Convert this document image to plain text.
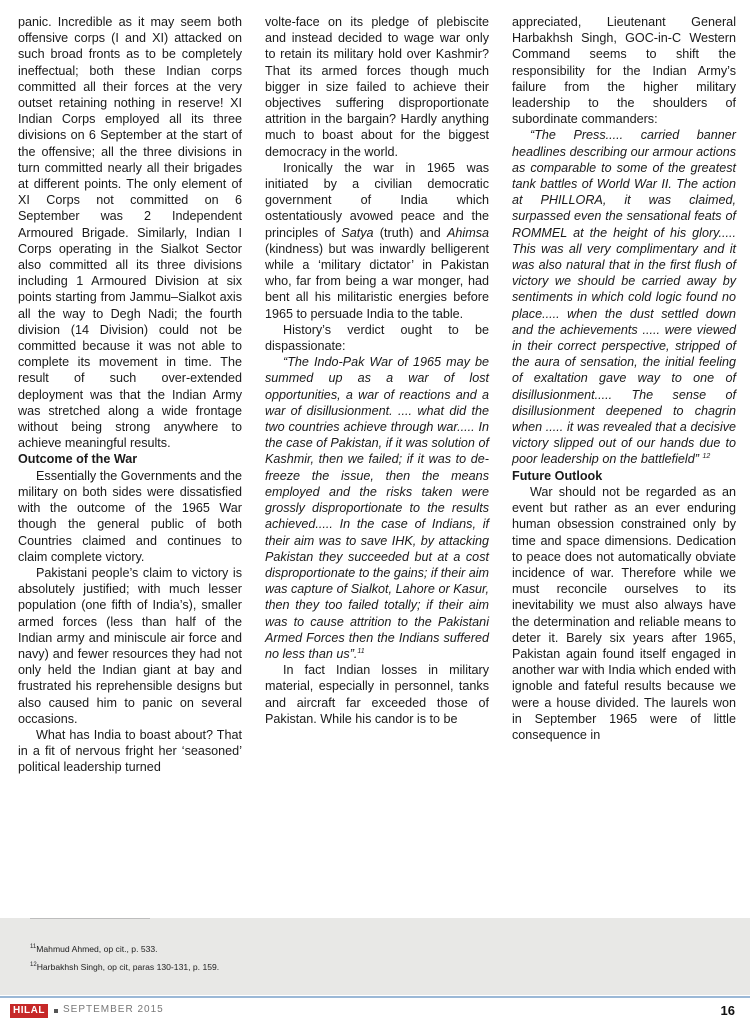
panic. Incredible as it may seem both offensive corps (I and XI) attacked on such broad fronts as to be completely ineffectual; both these Indian corps committed all their forces at the very outset retaining nothing in reserve! XI Indian Corps employed all its three divisions on 6 September at the start of the offensive; all the three divisions in turn committed nearly all their brigades at different points. The only element of XI Corps not committed on 6 September was 2 Independent Armoured Brigade. Similarly, Indian I Corps operating in the Sialkot Sector also committed all its three divisions including 1 Armoured Division at six points starting from Jammu–Sialkot axis all the way to Degh Nadi; the fourth division (14 Division) could not be committed because it was not able to complete its movement in time. The result of such over-extended deployment was that the Indian Army was stretched along a wide frontage without being strong anywhere to achieve meaningful results.

Outcome of the War

Essentially the Governments and the military on both sides were dissatisfied with the outcome of the 1965 War though the general public of both Countries claimed and continues to claim complete victory.

Pakistani people’s claim to victory is absolutely justified; with much lesser population (one fifth of India’s), smaller armed forces (less than half of the Indian army and miniscule air force and navy) and fewer resources they had not only held the Indian giant at bay and frustrated his reprehensible designs but also caused him to panic on several occasions.

What has India to boast about? That in a fit of nervous fright her ‘seasoned’ political leadership turned

volte-face on its pledge of plebiscite and instead decided to wage war only to retain its military hold over Kashmir? That its armed forces though much bigger in size failed to achieve their objectives suffering disproportionate attrition in the bargain? Hardly anything much to boast about for the biggest democracy in the world.

Ironically the war in 1965 was initiated by a civilian democratic government of India which ostentatiously avowed peace and the principles of Satya (truth) and Ahimsa (kindness) but was inwardly belligerent while a ‘military dictator’ in Pakistan who, far from being a war monger, had bent all his militaristic energies before 1965 to persuade India to the table.

History’s verdict ought to be dispassionate:

“The Indo-Pak War of 1965 may be summed up as a war of lost opportunities, a war of reactions and a war of disillusionment. .... what did the two countries achieve through war..... In the case of Pakistan, if it was solution of Kashmir, then we failed; if it was to de-freeze the issue, then the means employed and the risks taken were grossly disproportionate to the results achieved..... In the case of Indians, if their aim was to save IHK, by attacking Pakistan they succeeded but at a cost disproportionate to the gains; if their aim was capture of Sialkot, Lahore or Kasur, then they too failed totally; if their aim was to cause attrition to the Pakistani Armed Forces then the Indians suffered no less than us”.$^{11}$

In fact Indian losses in military material, especially in personnel, tanks and aircraft far exceeded those of Pakistan. While his candor is to be

appreciated, Lieutenant General Harbakhsh Singh, GOC-in-C Western Command seems to shift the responsibility for the Indian Army’s failure from the higher military leadership to the shoulders of subordinate commanders:

“The Press..... carried banner headlines describing our armour actions as comparable to some of the greatest tank battles of World War II. The action at PHILLORA, it was claimed, surpassed even the sensational feats of ROMMEL at the height of his glory..... This was all very complimentary and it was also natural that in the first flush of victory we should be carried away by sentiments in which cold logic found no place..... when the dust settled down and the achievements ..... were viewed in their correct perspective, stripped of the aura of sensation, the initial feeling of exaltation gave way to one of disillusionment..... The sense of disillusionment deepened to chagrin when ..... it was revealed that a decisive victory slipped out of our hands due to poor leadership on the battlefield” $^{12}$

Future Outlook

War should not be regarded as an event but rather as an ever enduring human obsession constrained only by time and space dimensions. Dedication to peace does not automatically obviate incidence of war. Therefore while we must reconcile ourselves to its inevitability we must also always have the determination and reliable means to deter it. Barely six years after 1965, Pakistan again found itself engaged in another war with India which ended with ignoble and fateful results because we were a house divided. The laurels won in September 1965 were of little consequence in

$^{11}$Mahmud Ahmed, op cit., p. 533.
$^{12}$Harbakhsh Singh, op cit, paras 130-131, p. 159.
HILAL	SEPTEMBER 2015	16
